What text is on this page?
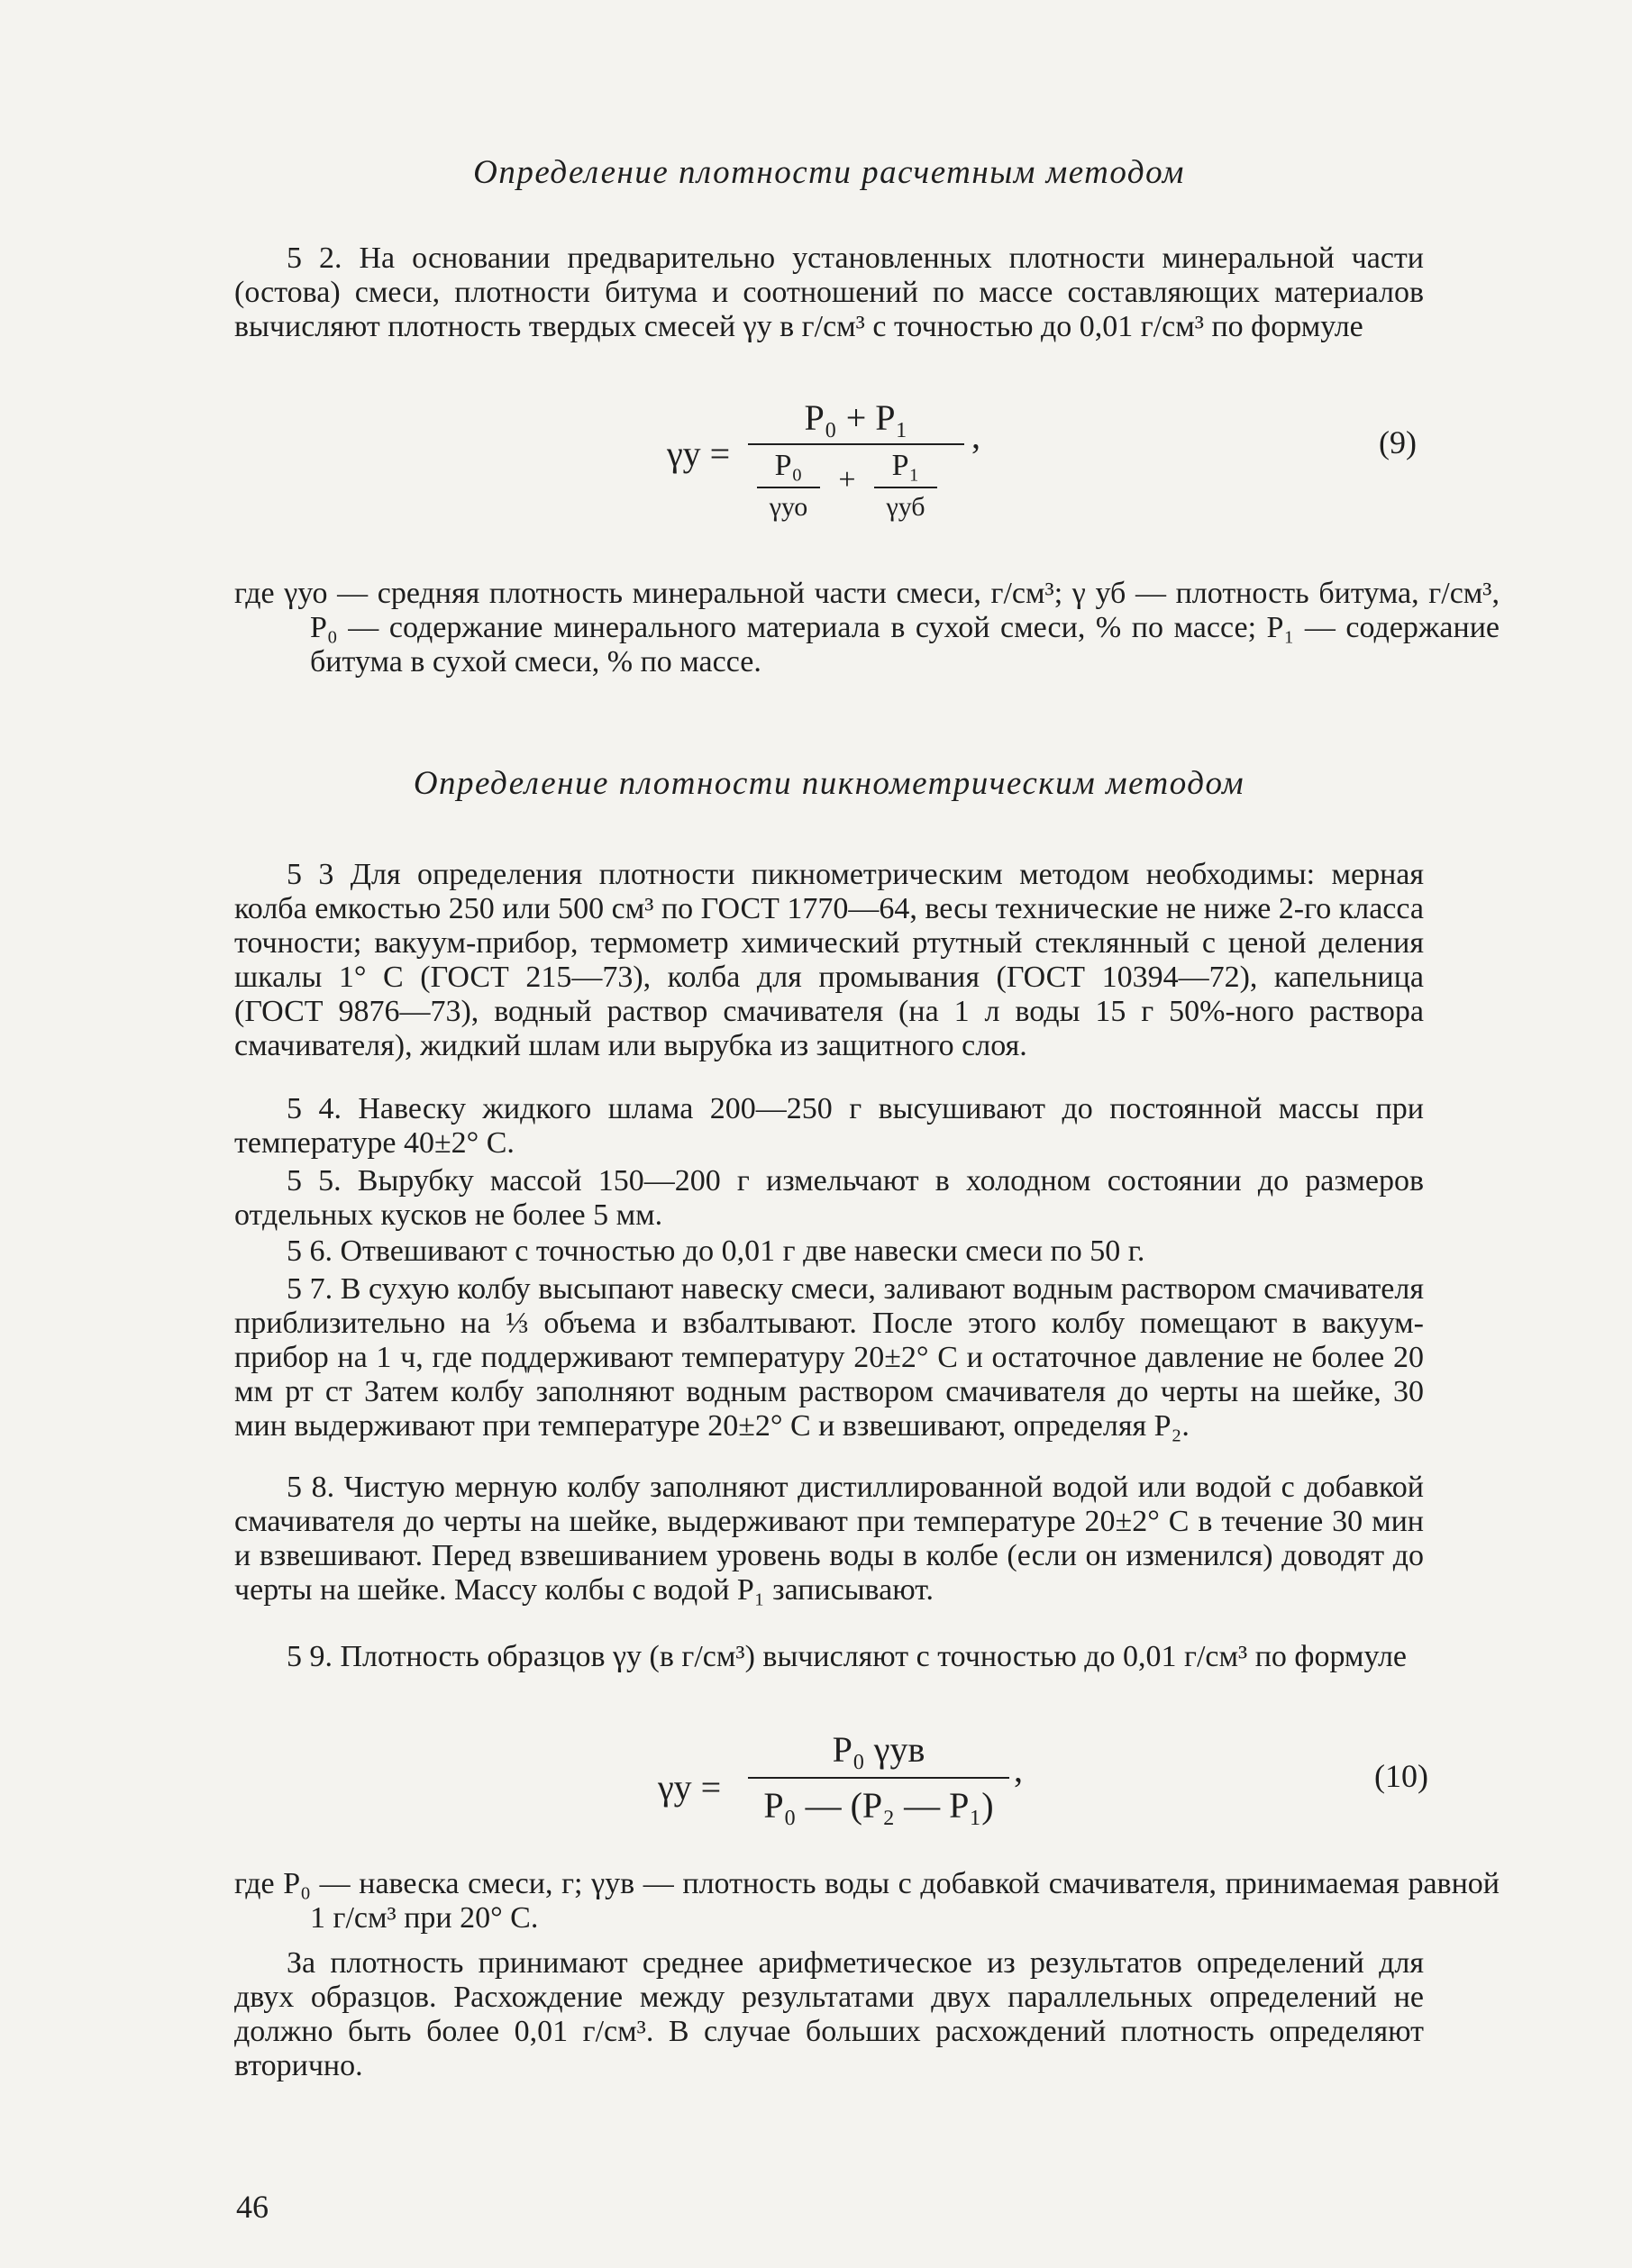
Определение плотности расчетным методом
5 2. На основании предварительно установленных плотности минеральной части (остова) смеси, плотности битума и соотношений по массе составляющих материалов вычисляют плотность твердых смесей γу в г/см³ с точностью до 0,01 г/см³ по формуле
γу =
P₀ + P₁
P₀
γуо
+	P₁
γуб
,	(9)
где γуо — средняя плотность минеральной части смеси, г/см³; γ уб — плотность битума, г/см³, P₀ — содержание минерального материала в сухой смеси, % по массе; P₁ — содержание битума в сухой смеси, % по массе.
Определение плотности пикнометрическим методом
5 3 Для определения плотности пикнометрическим методом необходимы: мерная колба емкостью 250 или 500 см³ по ГОСТ 1770—64, весы технические не ниже 2-го класса точности; вакуум-прибор, термометр химический ртутный стеклянный с ценой деления шкалы 1° С (ГОСТ 215—73), колба для промывания (ГОСТ 10394—72), капельница (ГОСТ 9876—73), водный раствор смачивателя (на 1 л воды 15 г 50%-ного раствора смачивателя), жидкий шлам или вырубка из защитного слоя.
5 4. Навеску жидкого шлама 200—250 г высушивают до постоянной массы при температуре 40±2° С.
5 5. Вырубку массой 150—200 г измельчают в холодном состоянии до размеров отдельных кусков не более 5 мм.
5 6. Отвешивают с точностью до 0,01 г две навески смеси по 50 г.
5 7. В сухую колбу высыпают навеску смеси, заливают водным раствором смачивателя приблизительно на ⅓ объема и взбалтывают. После этого колбу помещают в вакуум-прибор на 1 ч, где поддерживают температуру 20±2° С и остаточное давление не более 20 мм рт ст Затем колбу заполняют водным раствором смачивателя до черты на шейке, 30 мин выдерживают при температуре 20±2° С и взвешивают, определяя P₂.
5 8. Чистую мерную колбу заполняют дистиллированной водой или водой с добавкой смачивателя до черты на шейке, выдерживают при температуре 20±2° С в течение 30 мин и взвешивают. Перед взвешиванием уровень воды в колбе (если он изменился) доводят до черты на шейке. Массу колбы с водой P₁ записывают.
5 9. Плотность образцов γу (в г/см³) вычисляют с точностью до 0,01 г/см³ по формуле
γу =
P₀ γув
P₀ — (P₂ — P₁)
,	(10)
где P₀ — навеска смеси, г; γув — плотность воды с добавкой смачивателя, принимаемая равной 1 г/см³ при 20° С.
За плотность принимают среднее арифметическое из результатов определений для двух образцов. Расхождение между результатами двух параллельных определений не должно быть более 0,01 г/см³. В случае больших расхождений плотность определяют вторично.
46
